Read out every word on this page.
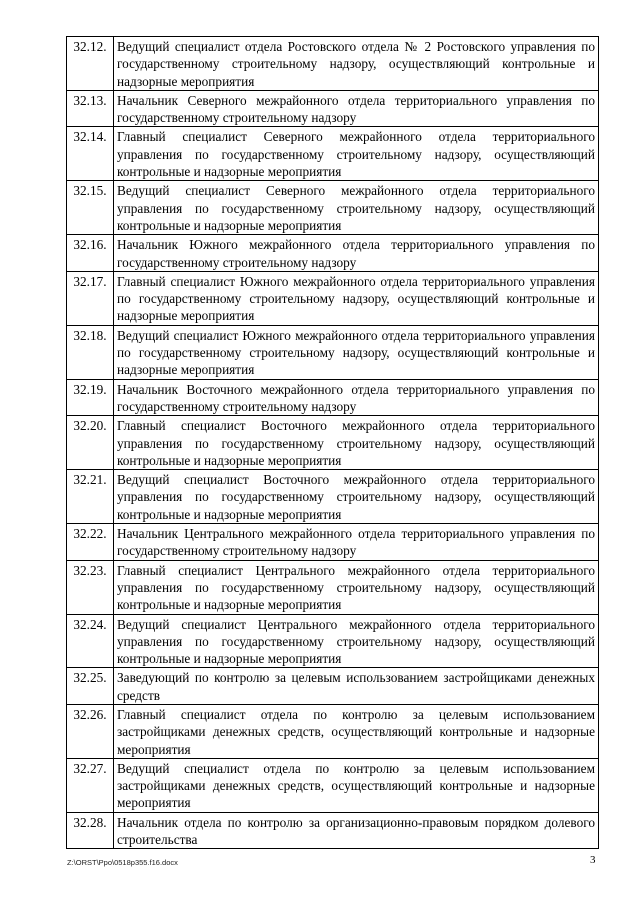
32.12.	Ведущий специалист отдела Ростовского отдела № 2 Ростовского управления по государственному строительному надзору, осуществляющий контрольные и надзорные мероприятия
32.13.	Начальник Северного межрайонного отдела территориального управления по государственному строительному надзору
32.14.	Главный специалист Северного межрайонного отдела территориального управления по государственному строительному надзору, осуществляющий контрольные и надзорные мероприятия
32.15.	Ведущий специалист Северного межрайонного отдела территориального управления по государственному строительному надзору, осуществляющий контрольные и надзорные мероприятия
32.16.	Начальник Южного межрайонного отдела территориального управления по государственному строительному надзору
32.17.	Главный специалист Южного межрайонного отдела территориального управления по государственному строительному надзору, осуществляющий контрольные и надзорные мероприятия
32.18.	Ведущий специалист Южного межрайонного отдела территориального управления по государственному строительному надзору, осуществляющий контрольные и надзорные мероприятия
32.19.	Начальник Восточного межрайонного отдела территориального управления по государственному строительному надзору
32.20.	Главный специалист Восточного межрайонного отдела территориального управления по государственному строительному надзору, осуществляющий контрольные и надзорные мероприятия
32.21.	Ведущий специалист Восточного межрайонного отдела территориального управления по государственному строительному надзору, осуществляющий контрольные и надзорные мероприятия
32.22.	Начальник Центрального межрайонного отдела территориального управления по государственному строительному надзору
32.23.	Главный специалист Центрального межрайонного отдела территориального управления по государственному строительному надзору, осуществляющий контрольные и надзорные мероприятия
32.24.	Ведущий специалист Центрального межрайонного отдела территориального управления по государственному строительному надзору, осуществляющий контрольные и надзорные мероприятия
32.25.	Заведующий по контролю за целевым использованием застройщиками денежных средств
32.26.	Главный специалист отдела по контролю за целевым использованием застройщиками денежных средств, осуществляющий контрольные и надзорные мероприятия
32.27.	Ведущий специалист отдела по контролю за целевым использованием застройщиками денежных средств, осуществляющий контрольные и надзорные мероприятия
32.28.	Начальник отдела по контролю за организационно-правовым порядком долевого строительства
Z:\ORST\Ppo\0518p355.f16.docx	3
